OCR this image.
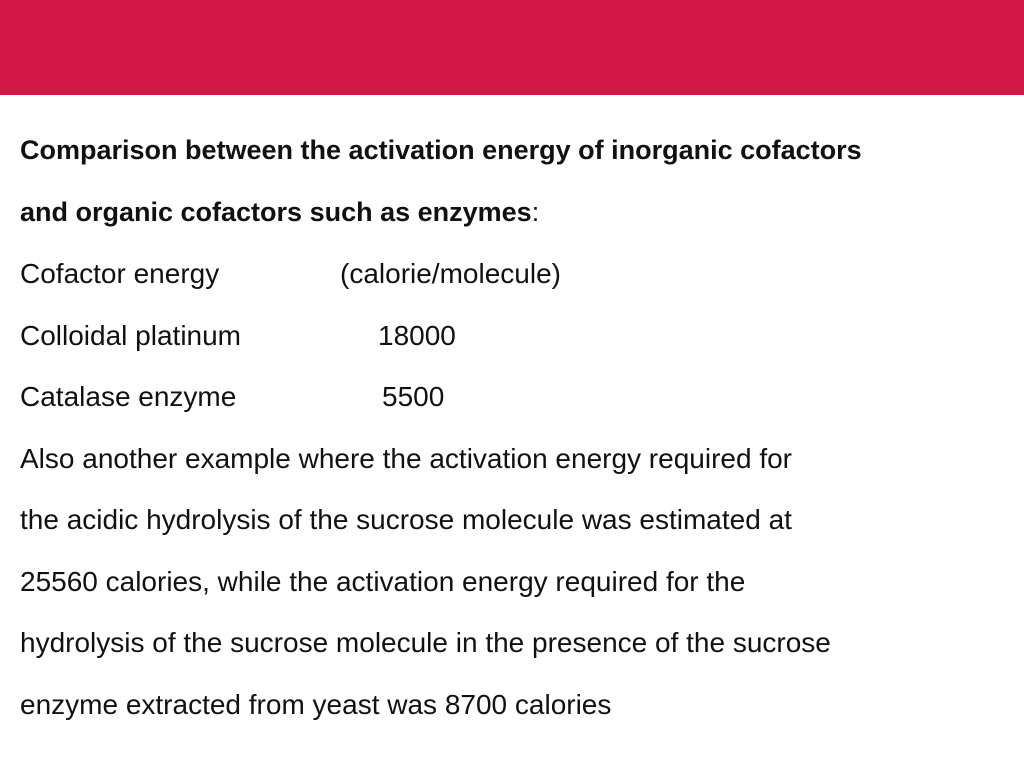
Comparison between the activation energy of inorganic cofactors
and organic cofactors such as enzymes:
Cofactor energy	(calorie/molecule)
Colloidal platinum	18000
Catalase enzyme	5500
Also another example where the activation energy required for
the acidic hydrolysis of the sucrose molecule was estimated at
25560 calories, while the activation energy required for the
hydrolysis of the sucrose molecule in the presence of the sucrose
enzyme extracted from yeast was 8700 calories
